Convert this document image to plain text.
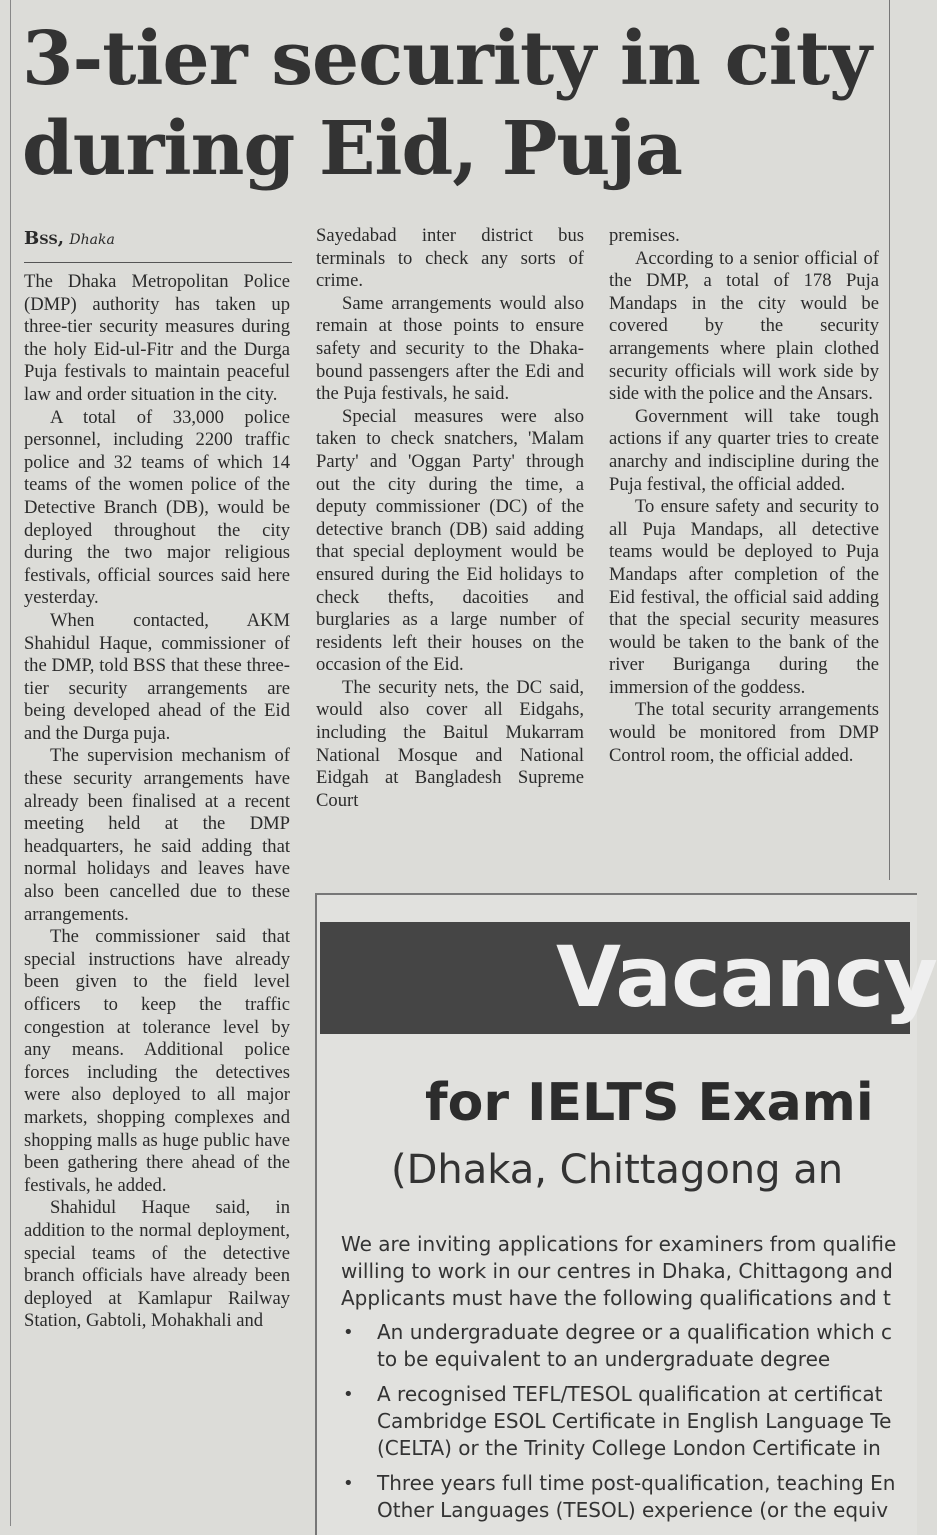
3-tier security in city
during Eid, Puja
Bss, Dhaka

The Dhaka Metropolitan Police (DMP) authority has taken up three-tier security measures during the holy Eid-ul-Fitr and the Durga Puja festivals to maintain peaceful law and order situation in the city.

A total of 33,000 police personnel, including 2200 traffic police and 32 teams of which 14 teams of the women police of the Detective Branch (DB), would be deployed throughout the city during the two major religious festivals, official sources said here yesterday.

When contacted, AKM Shahidul Haque, commissioner of the DMP, told BSS that these three-tier security arrangements are being developed ahead of the Eid and the Durga puja.

The supervision mechanism of these security arrangements have already been finalised at a recent meeting held at the DMP headquarters, he said adding that normal holidays and leaves have also been cancelled due to these arrangements.

The commissioner said that special instructions have already been given to the field level officers to keep the traffic congestion at tolerance level by any means. Additional police forces including the detectives were also deployed to all major markets, shopping complexes and shopping malls as huge public have been gathering there ahead of the festivals, he added.

Shahidul Haque said, in addition to the normal deployment, special teams of the detective branch officials have already been deployed at Kamlapur Railway Station, Gabtoli, Mohakhali and

Sayedabad inter district bus terminals to check any sorts of crime.

Same arrangements would also remain at those points to ensure safety and security to the Dhaka-bound passengers after the Edi and the Puja festivals, he said.

Special measures were also taken to check snatchers, 'Malam Party' and 'Oggan Party' through out the city during the time, a deputy commissioner (DC) of the detective branch (DB) said adding that special deployment would be ensured during the Eid holidays to check thefts, dacoities and burglaries as a large number of residents left their houses on the occasion of the Eid.

The security nets, the DC said, would also cover all Eidgahs, including the Baitul Mukarram National Mosque and National Eidgah at Bangladesh Supreme Court

premises.

According to a senior official of the DMP, a total of 178 Puja Mandaps in the city would be covered by the security arrangements where plain clothed security officials will work side by side with the police and the Ansars.

Government will take tough actions if any quarter tries to create anarchy and indiscipline during the Puja festival, the official added.

To ensure safety and security to all Puja Mandaps, all detective teams would be deployed to Puja Mandaps after completion of the Eid festival, the official said adding that the special security measures would be taken to the bank of the river Buriganga during the immersion of the goddess.

The total security arrangements would be monitored from DMP Control room, the official added.

Vacancy
for IELTS Exami
(Dhaka, Chittagong an
We are inviting applications for examiners from qualifie
willing to work in our centres in Dhaka, Chittagong and
Applicants must have the following qualifications and t
• An undergraduate degree or a qualification which c
to be equivalent to an undergraduate degree
• A recognised TEFL/TESOL qualification at certificat
Cambridge ESOL Certificate in English Language Te
(CELTA) or the Trinity College London Certificate in
• Three years full time post-qualification, teaching En
Other Languages (TESOL) experience (or the equiv
